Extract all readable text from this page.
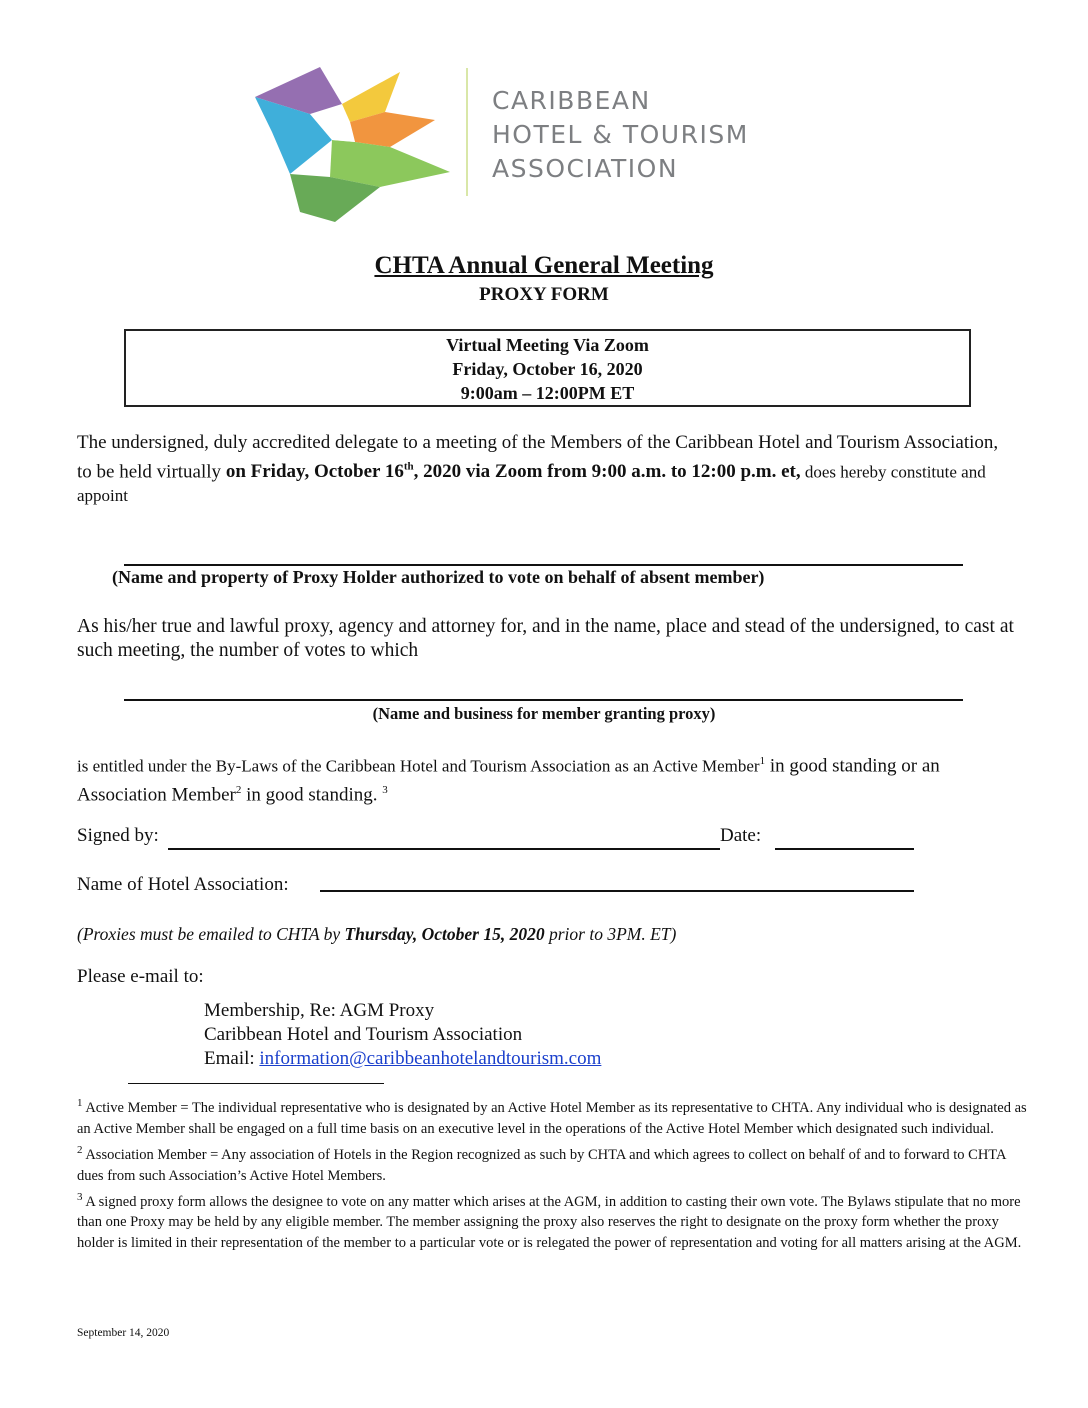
CARIBBEAN
HOTEL & TOURISM
ASSOCIATION
CHTA Annual General Meeting
PROXY FORM
Virtual Meeting Via Zoom
Friday, October 16, 2020
9:00am – 12:00PM ET
The undersigned, duly accredited delegate to a meeting of the Members of the Caribbean Hotel and Tourism Association, to be held virtually on Friday, October 16th, 2020 via Zoom from 9:00 a.m. to 12:00 p.m. et, does hereby constitute and appoint
(Name and property of Proxy Holder authorized to vote on behalf of absent member)
As his/her true and lawful proxy, agency and attorney for, and in the name, place and stead of the undersigned, to cast at such meeting, the number of votes to which
(Name and business for member granting proxy)
is entitled under the By-Laws of the Caribbean Hotel and Tourism Association as an Active Member$^1$ in good standing or an Association Member$^2$ in good standing. $^3$
Signed by:	Date:
Name of Hotel Association:
(Proxies must be emailed to CHTA by Thursday, October 15, 2020 prior to 3PM. ET)
Please e-mail to:
Membership, Re: AGM Proxy
Caribbean Hotel and Tourism Association
Email: information@caribbeanhotelandtourism.com
$^1$ Active Member = The individual representative who is designated by an Active Hotel Member as its representative to CHTA. Any individual who is designated as an Active Member shall be engaged on a full time basis on an executive level in the operations of the Active Hotel Member which designated such individual.
$^2$ Association Member = Any association of Hotels in the Region recognized as such by CHTA and which agrees to collect on behalf of and to forward to CHTA dues from such Association’s Active Hotel Members.
$^3$ A signed proxy form allows the designee to vote on any matter which arises at the AGM, in addition to casting their own vote. The Bylaws stipulate that no more than one Proxy may be held by any eligible member. The member assigning the proxy also reserves the right to designate on the proxy form whether the proxy holder is limited in their representation of the member to a particular vote or is relegated the power of representation and voting for all matters arising at the AGM.
September 14, 2020
